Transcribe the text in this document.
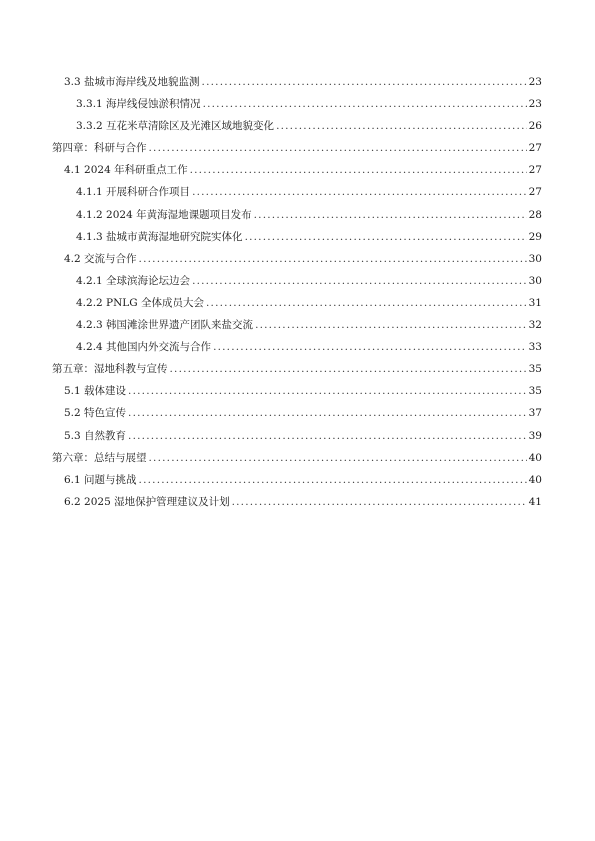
3.3 盐城市海岸线及地貌监测 .....	23
3.3.1 海岸线侵蚀淤积情况 .....	23
3.3.2 互花米草清除区及光滩区域地貌变化 .....	26
第四章：科研与合作 .....	27
4.1 2024 年科研重点工作 .....	27
4.1.1 开展科研合作项目 .....	27
4.1.2 2024 年黄海湿地课题项目发布 .....	28
4.1.3 盐城市黄海湿地研究院实体化 .....	29
4.2 交流与合作 .....	30
4.2.1 全球滨海论坛边会 .....	30
4.2.2 PNLG 全体成员大会 .....	31
4.2.3 韩国滩涂世界遗产团队来盐交流 .....	32
4.2.4 其他国内外交流与合作 .....	33
第五章：湿地科教与宣传 .....	35
5.1 载体建设 .....	35
5.2 特色宣传 .....	37
5.3 自然教育 .....	39
第六章：总结与展望 .....	40
6.1 问题与挑战 .....	40
6.2 2025 湿地保护管理建议及计划 .....	41
